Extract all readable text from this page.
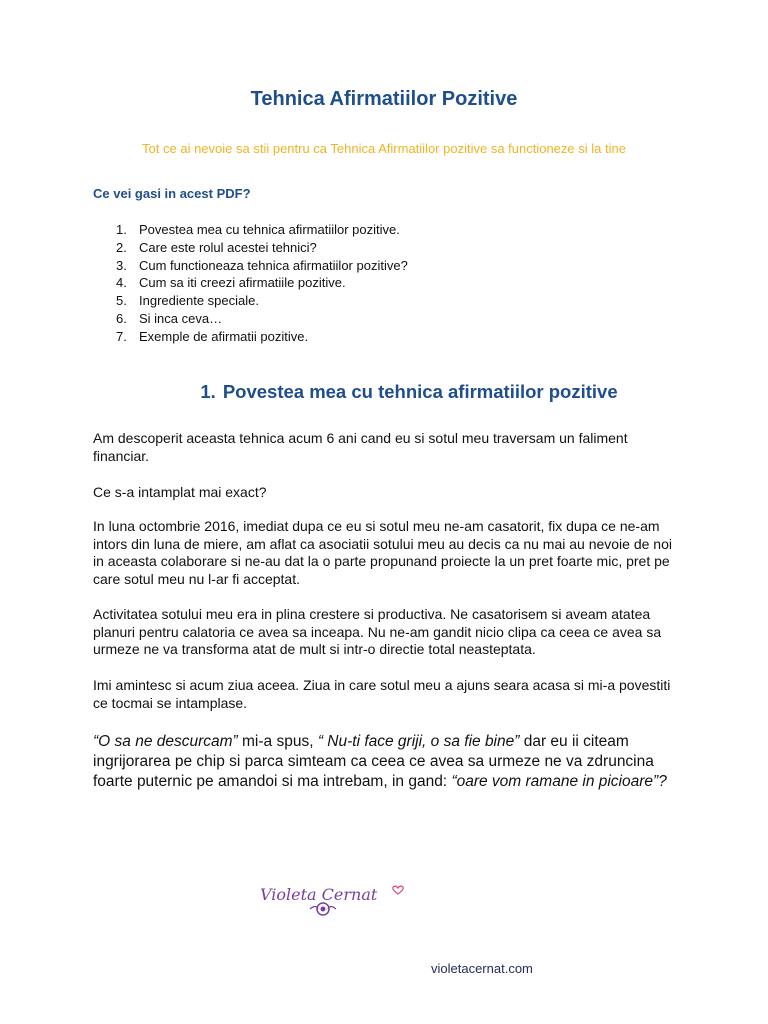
Tehnica Afirmatiilor Pozitive
Tot ce ai nevoie sa stii pentru ca Tehnica Afirmatiilor pozitive sa functioneze si la tine
Ce vei gasi in acest PDF?
1. Povestea mea cu tehnica afirmatiilor pozitive.
2. Care este rolul acestei tehnici?
3. Cum functioneaza tehnica afirmatiilor pozitive?
4. Cum sa iti creezi afirmatiile pozitive.
5. Ingrediente speciale.
6. Si inca ceva…
7. Exemple de afirmatii pozitive.
1. Povestea mea cu tehnica afirmatiilor pozitive

Am descoperit aceasta tehnica acum 6 ani cand eu si sotul meu traversam un faliment financiar.

Ce s-a intamplat mai exact?

In luna octombrie 2016, imediat dupa ce eu si sotul meu ne-am casatorit, fix dupa ce ne-am intors din luna de miere, am aflat ca asociatii sotului meu au decis ca nu mai au nevoie de noi in aceasta colaborare si ne-au dat la o parte propunand proiecte la un pret foarte mic, pret pe care sotul meu nu l-ar fi acceptat.

Activitatea sotului meu era in plina crestere si productiva. Ne casatorisem si aveam atatea planuri pentru calatoria ce avea sa inceapa. Nu ne-am gandit nicio clipa ca ceea ce avea sa urmeze ne va transforma atat de mult si intr-o directie total neasteptata.

Imi amintesc si acum ziua aceea. Ziua in care sotul meu a ajuns seara acasa si mi-a povestiti ce tocmai se intamplase.

“O sa ne descurcam” mi-a spus, “ Nu-ti face griji, o sa fie bine” dar eu ii citeam ingrijorarea pe chip si parca simteam ca ceea ce avea sa urmeze ne va zdruncina foarte puternic pe amandoi si ma intrebam, in gand: “oare vom ramane in picioare”?

Violeta Cernat
violetacernat.com
